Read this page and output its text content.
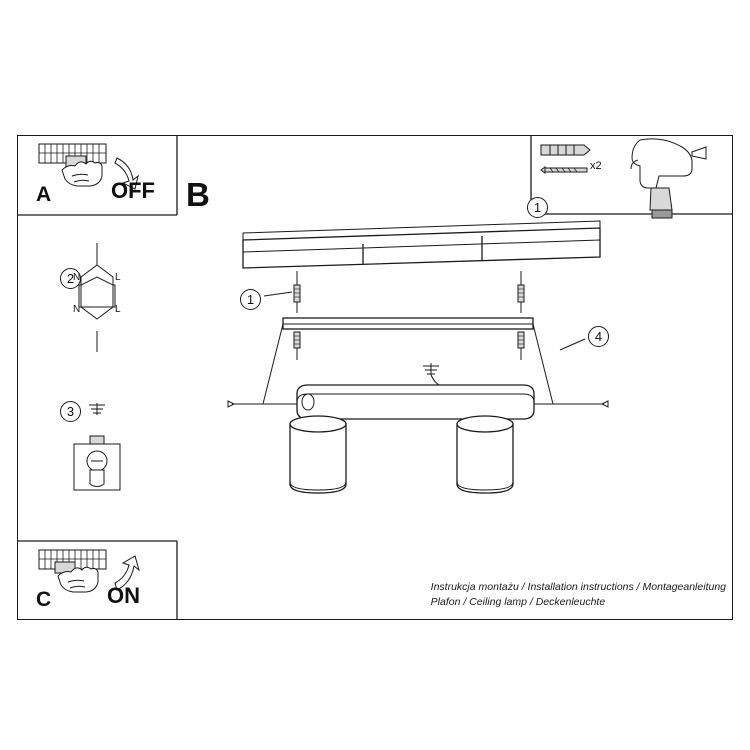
A	OFF B
C	ON
1
x2
2
3
1
4
N	L
N	L
Instrukcja montażu / Installation instructions / Montageanleitung
Plafon / Ceiling lamp / Deckenleuchte
